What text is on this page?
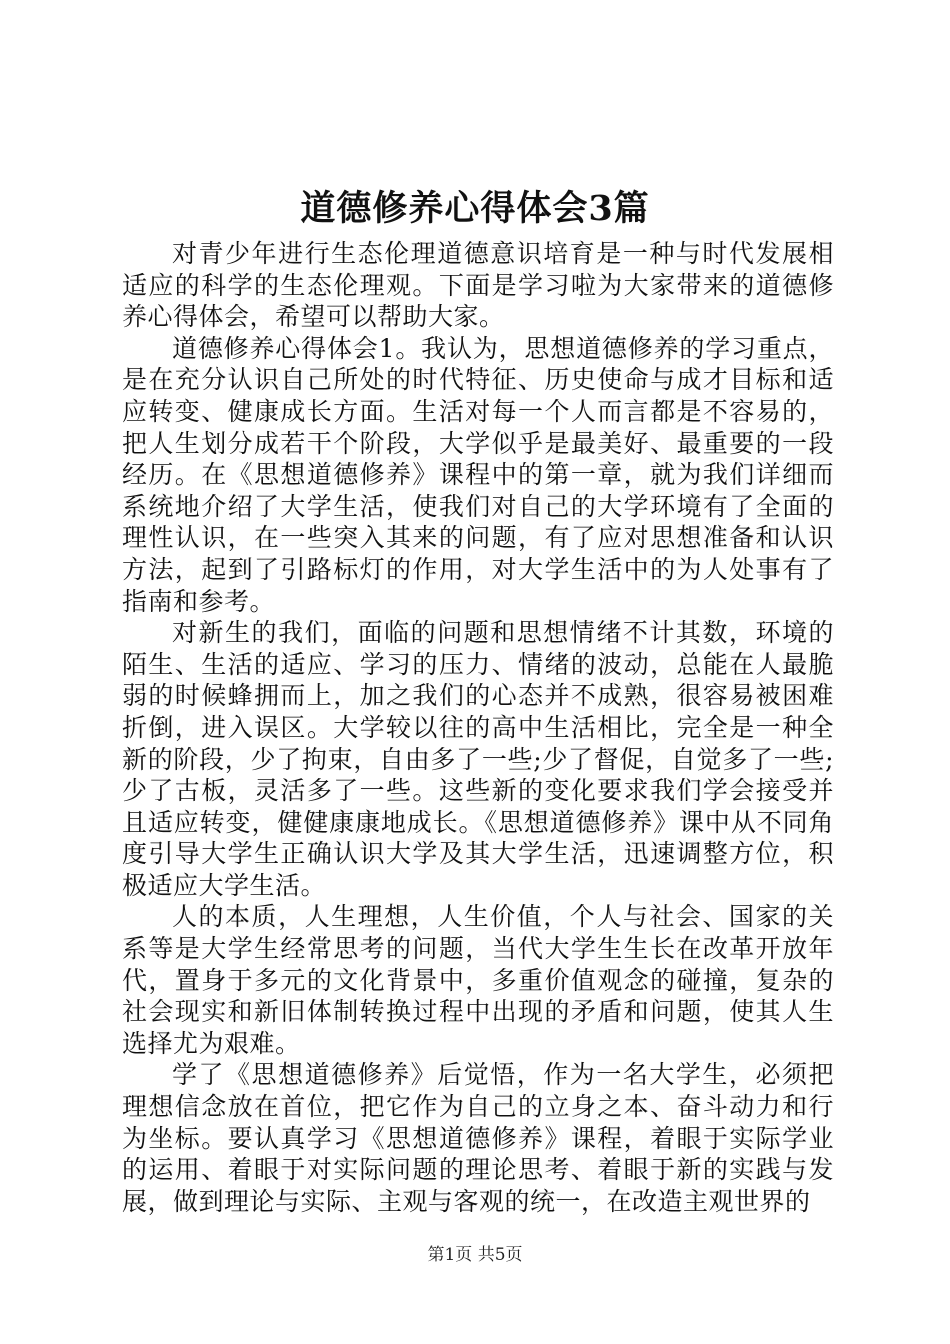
道德修养心得体会3篇

对青少年进行生态伦理道德意识培育是一种与时代发展相适应的科学的生态伦理观。下面是学习啦为大家带来的道德修养心得体会，希望可以帮助大家。

道德修养心得体会1。我认为，思想道德修养的学习重点，是在充分认识自己所处的时代特征、历史使命与成才目标和适应转变、健康成长方面。生活对每一个人而言都是不容易的，把人生划分成若干个阶段，大学似乎是最美好、最重要的一段经历。在《思想道德修养》课程中的第一章，就为我们详细而系统地介绍了大学生活，使我们对自己的大学环境有了全面的理性认识，在一些突入其来的问题，有了应对思想准备和认识方法，起到了引路标灯的作用，对大学生活中的为人处事有了指南和参考。

对新生的我们，面临的问题和思想情绪不计其数，环境的陌生、生活的适应、学习的压力、情绪的波动，总能在人最脆弱的时候蜂拥而上，加之我们的心态并不成熟，很容易被困难折倒，进入误区。大学较以往的高中生活相比，完全是一种全新的阶段，少了拘束，自由多了一些;少了督促，自觉多了一些;少了古板，灵活多了一些。这些新的变化要求我们学会接受并且适应转变，健健康康地成长。《思想道德修养》课中从不同角度引导大学生正确认识大学及其大学生活，迅速调整方位，积极适应大学生活。

人的本质，人生理想，人生价值，个人与社会、国家的关系等是大学生经常思考的问题，当代大学生生长在改革开放年代，置身于多元的文化背景中，多重价值观念的碰撞，复杂的社会现实和新旧体制转换过程中出现的矛盾和问题，使其人生选择尤为艰难。

学了《思想道德修养》后觉悟，作为一名大学生，必须把理想信念放在首位，把它作为自己的立身之本、奋斗动力和行为坐标。要认真学习《思想道德修养》课程，着眼于实际学业的运用、着眼于对实际问题的理论思考、着眼于新的实践与发展，做到理论与实际、主观与客观的统一，在改造主观世界的

第1页 共5页
